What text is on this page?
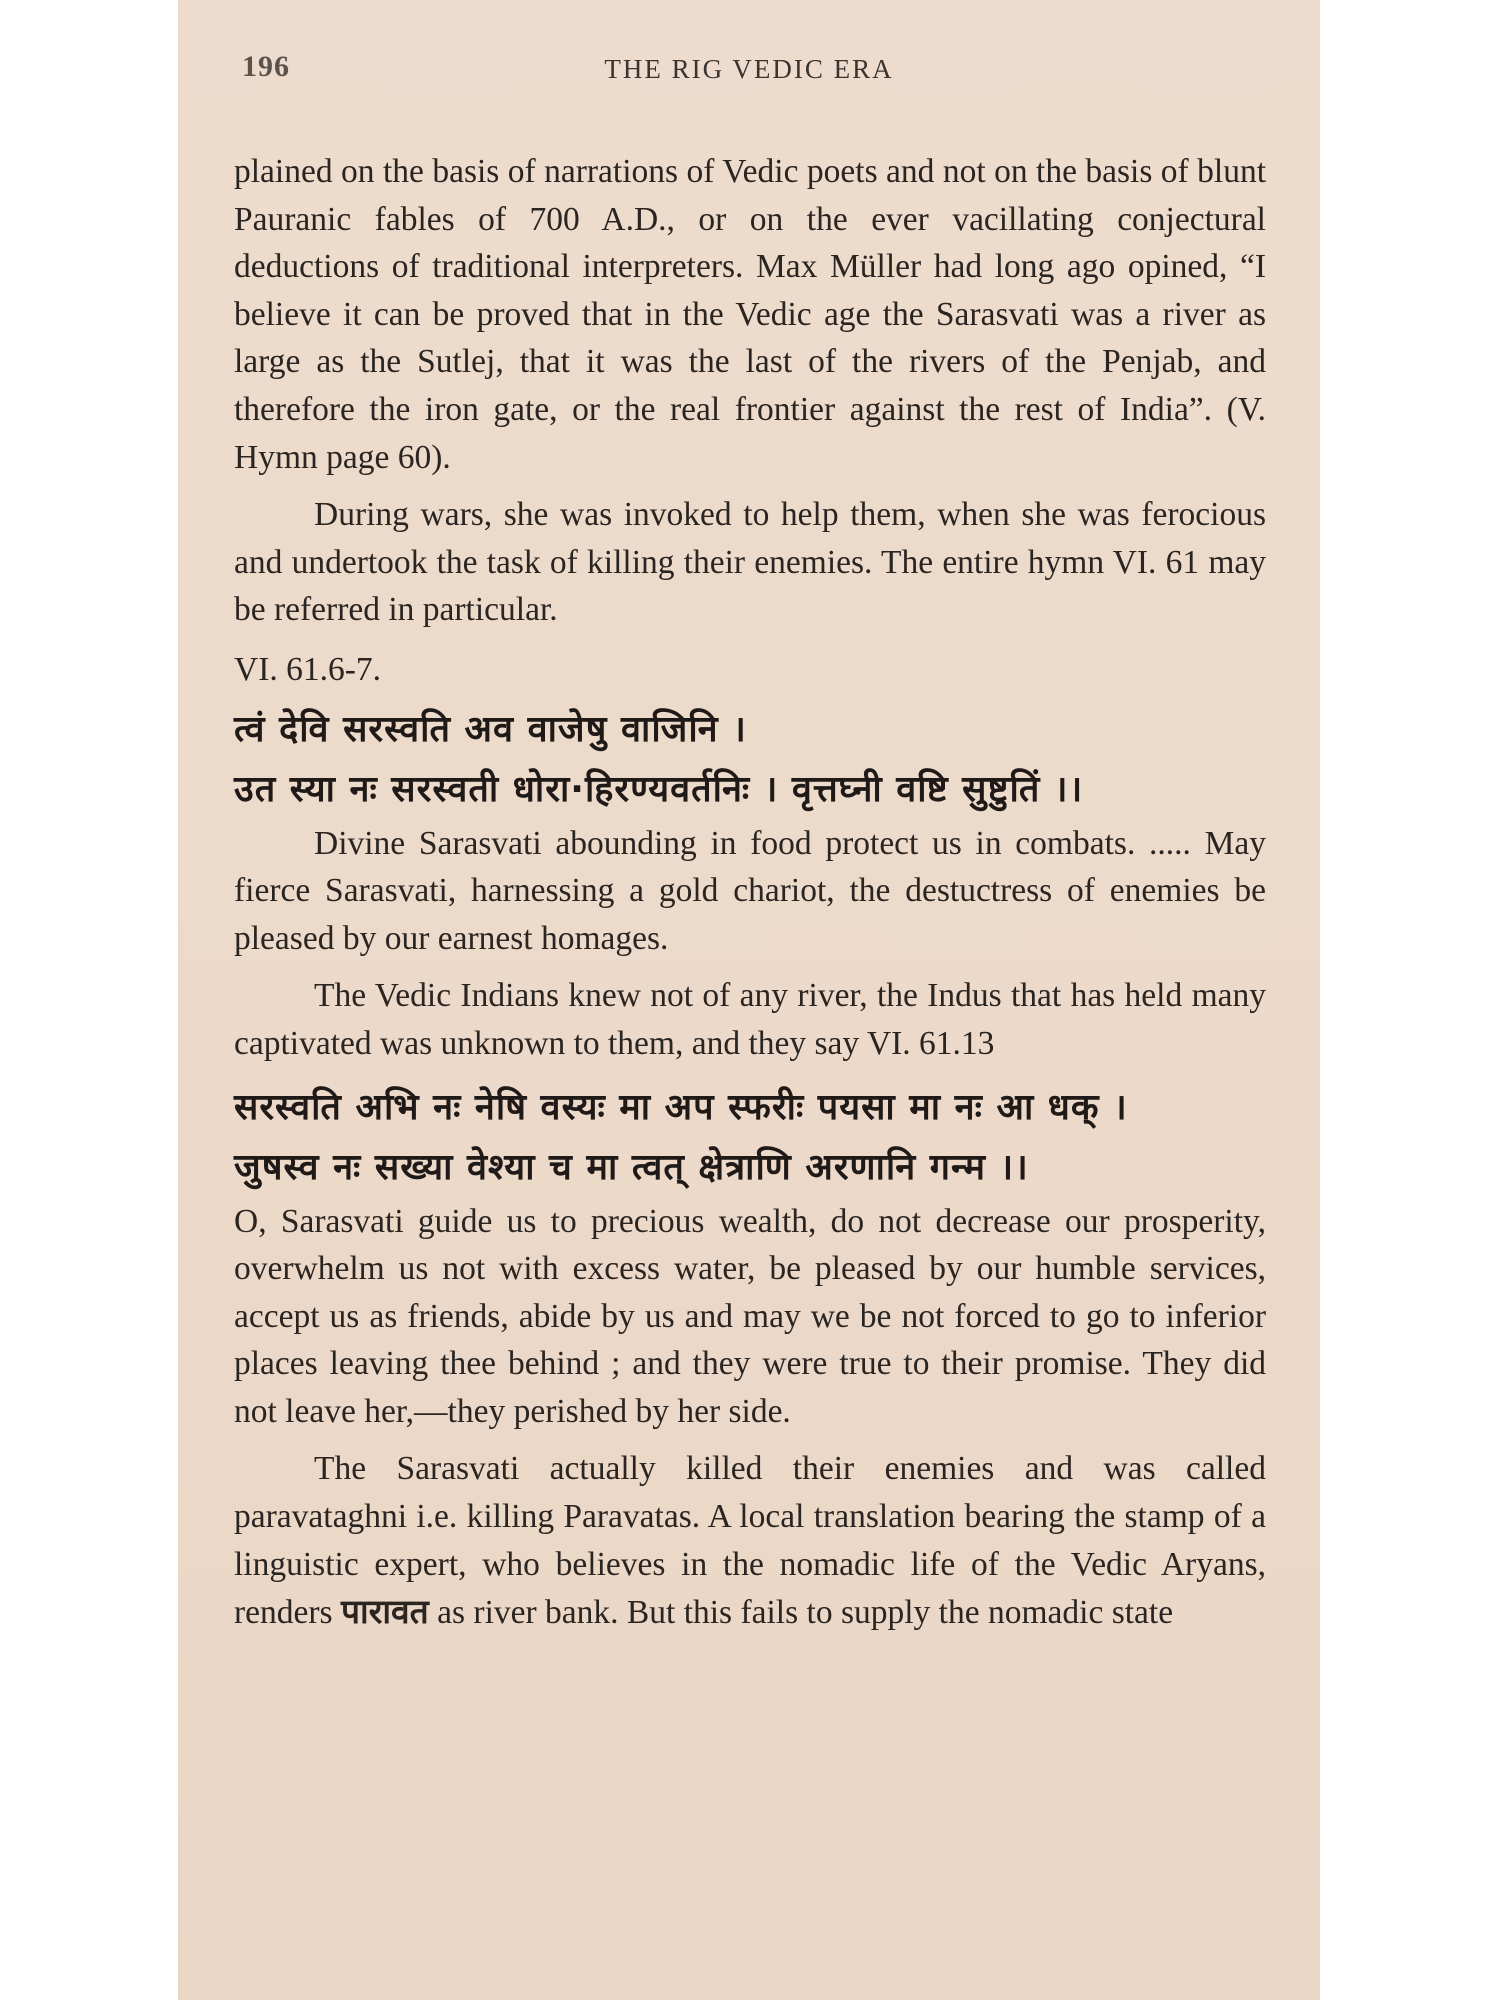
196	THE RIG VEDIC ERA

plained on the basis of narrations of Vedic poets and not on the basis of blunt Pauranic fables of 700 A.D., or on the ever vacillating conjectural deductions of traditional interpreters. Max Müller had long ago opined, “I believe it can be proved that in the Vedic age the Sarasvati was a river as large as the Sutlej, that it was the last of the rivers of the Penjab, and therefore the iron gate, or the real frontier against the rest of India”. (V. Hymn page 60).

During wars, she was invoked to help them, when she was ferocious and undertook the task of killing their enemies. The entire hymn VI. 61 may be referred in particular.

VI. 61.6-7.

त्वं देवि सरस्वति अव वाजेषु वाजिनि ।

उत स्या नः सरस्वती धोरा·हिरण्यवर्तनिः । वृत्तघ्नी वष्टि सुष्टुतिं ।।

Divine Sarasvati abounding in food protect us in combats. ..... May fierce Sarasvati, harnessing a gold chariot, the destuctress of enemies be pleased by our earnest homages.

The Vedic Indians knew not of any river, the Indus that has held many captivated was unknown to them, and they say VI. 61.13

सरस्वति अभि नः नेषि वस्यः मा अप स्फरीः पयसा मा नः आ धक् ।

जुषस्व नः सख्या वेश्या च मा त्वत् क्षेत्राणि अरणानि गन्म ।।

O, Sarasvati guide us to precious wealth, do not decrease our prosperity, overwhelm us not with excess water, be pleased by our humble services, accept us as friends, abide by us and may we be not forced to go to inferior places leaving thee behind ; and they were true to their promise. They did not leave her,—they perished by her side.

The Sarasvati actually killed their enemies and was called paravataghni i.e. killing Paravatas. A local translation bearing the stamp of a linguistic expert, who believes in the nomadic life of the Vedic Aryans, renders पारावत as river bank. But this fails to supply the nomadic state
